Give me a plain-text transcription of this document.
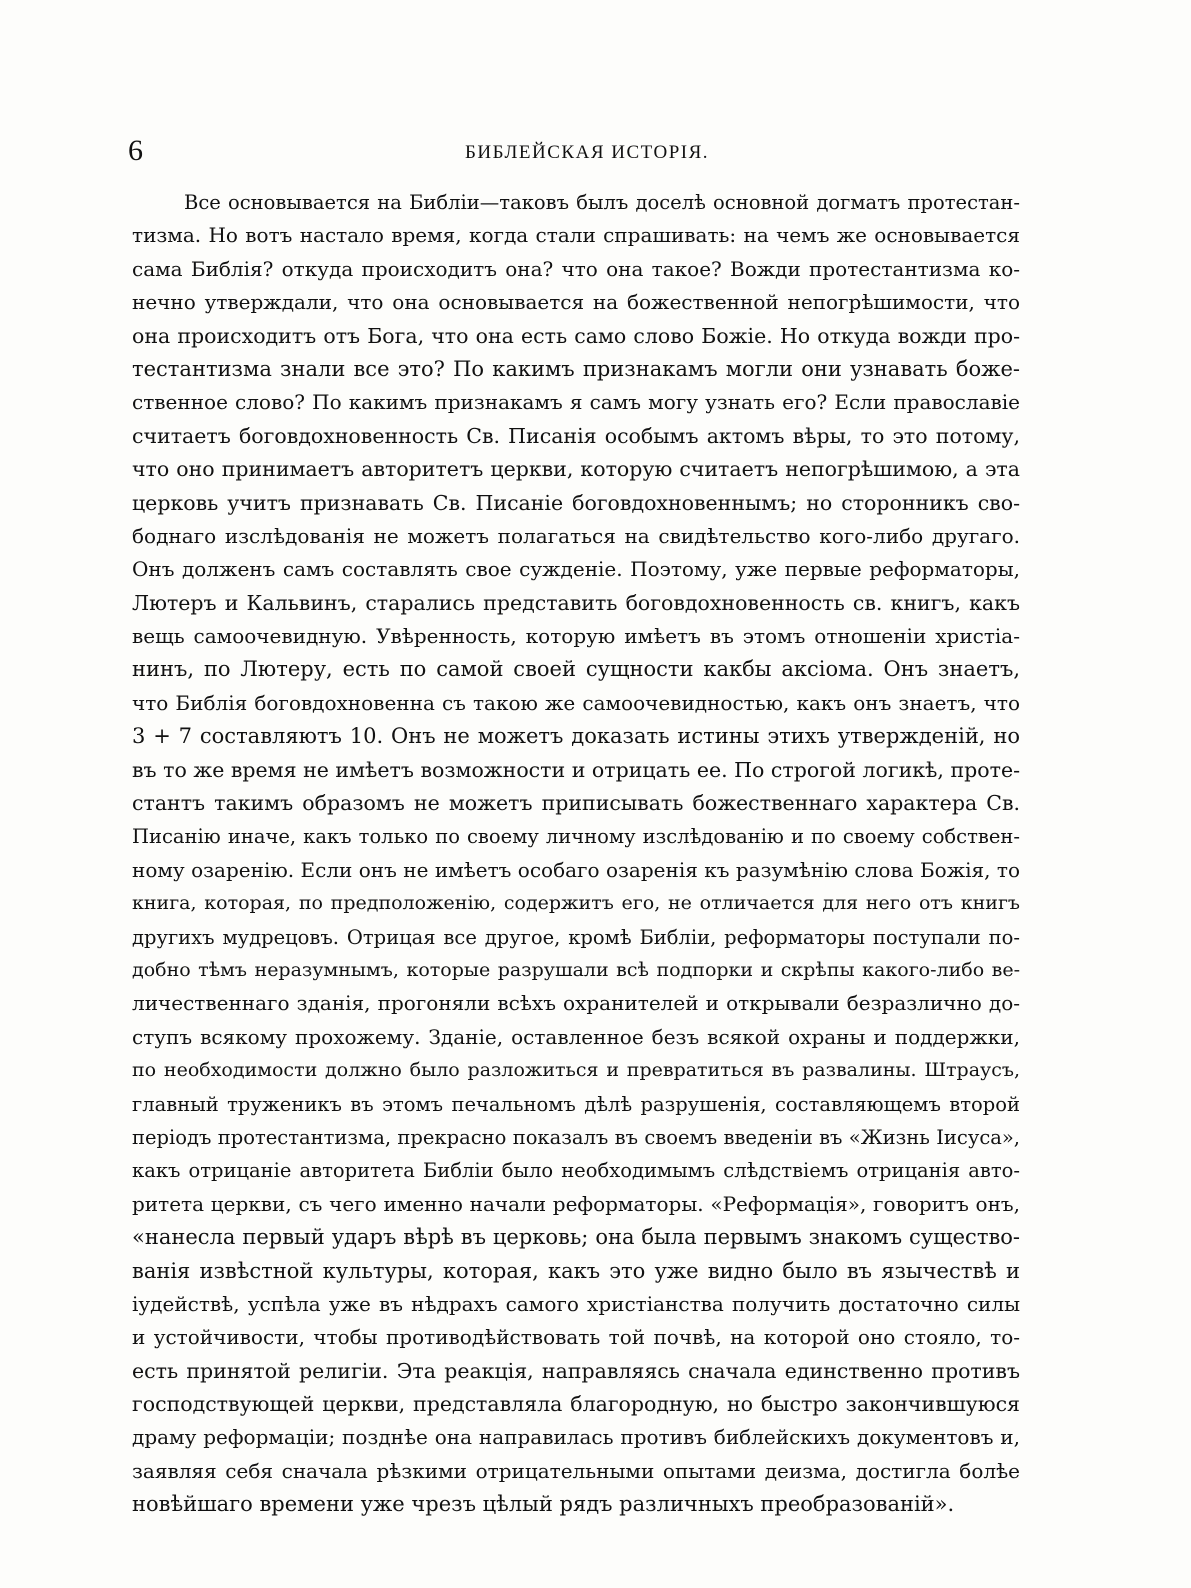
6	БИБЛЕЙСКАЯ ИСТОРІЯ.
Все основывается на Библіи—таковъ былъ доселѣ основной догматъ протестан-
тизма. Но вотъ настало время, когда стали спрашивать: на чемъ же основывается
сама Библія? откуда происходитъ она? что она такое? Вожди протестантизма ко-
нечно утверждали, что она основывается на божественной непогрѣшимости, что
она происходитъ отъ Бога, что она есть само слово Божіе. Но откуда вожди про-
тестантизма знали все это? По какимъ признакамъ могли они узнавать боже-
ственное слово? По какимъ признакамъ я самъ могу узнать его? Если православіе
считаетъ боговдохновенность Св. Писанія особымъ актомъ вѣры, то это потому,
что оно принимаетъ авторитетъ церкви, которую считаетъ непогрѣшимою, а эта
церковь учитъ признавать Св. Писаніе боговдохновеннымъ; но сторонникъ сво-
боднаго изслѣдованія не можетъ полагаться на свидѣтельство кого-либо другаго.
Онъ долженъ самъ составлять свое сужденіе. Поэтому, уже первые реформаторы,
Лютеръ и Кальвинъ, старались представить боговдохновенность св. книгъ, какъ
вещь самоочевидную. Увѣренность, которую имѣетъ въ этомъ отношеніи христіа-
нинъ, по Лютеру, есть по самой своей сущности какбы аксіома. Онъ знаетъ,
что Библія боговдохновенна съ такою же самоочевидностью, какъ онъ знаетъ, что
3 + 7 составляютъ 10. Онъ не можетъ доказать истины этихъ утвержденій, но
въ то же время не имѣетъ возможности и отрицать ее. По строгой логикѣ, протe-
стантъ такимъ образомъ не можетъ приписывать божественнаго характера Св.
Писанію иначе, какъ только по своему личному изслѣдованію и по своему собствен-
ному озаренію. Если онъ не имѣетъ особаго озаренія къ разумѣнію слова Божія, то
книга, которая, по предположенію, содержитъ его, не отличается для него отъ книгъ
другихъ мудрецовъ. Отрицая все другое, кромѣ Библіи, реформаторы поступали по-
добно тѣмъ неразумнымъ, которые разрушали всѣ подпорки и скрѣпы какого-либо ве-
личественнаго зданія, прогоняли всѣхъ охранителей и открывали безразлично до-
ступъ всякому прохожему. Зданіе, оставленное безъ всякой охраны и поддержки,
по необходимости должно было разложиться и превратиться въ развалины. Штраусъ,
главный труженикъ въ этомъ печальномъ дѣлѣ разрушенія, составляющемъ второй
періодъ протестантизма, прекрасно показалъ въ своемъ введеніи въ «Жизнь Іисуса»,
какъ отрицаніе авторитета Библіи было необходимымъ слѣдствіемъ отрицанія авто-
ритета церкви, съ чего именно начали реформаторы. «Реформація», говоритъ онъ,
«нанесла первый ударъ вѣрѣ въ церковь; она была первымъ знакомъ существо-
ванія извѣстной культуры, которая, какъ это уже видно было въ язычествѣ и
іудействѣ, успѣла уже въ нѣдрахъ самого христіанства получить достаточно силы
и устойчивости, чтобы противодѣйствовать той почвѣ, на которой оно стояло, то-
есть принятой религіи. Эта реакція, направляясь сначала единственно противъ
господствующей церкви, представляла благородную, но быстро закончившуюся
драму реформаціи; позднѣе она направилась противъ библейскихъ документовъ и,
заявляя себя сначала рѣзкими отрицательными опытами деизма, достигла болѣе
новѣйшаго времени уже чрезъ цѣлый рядъ различныхъ преобразованій».
